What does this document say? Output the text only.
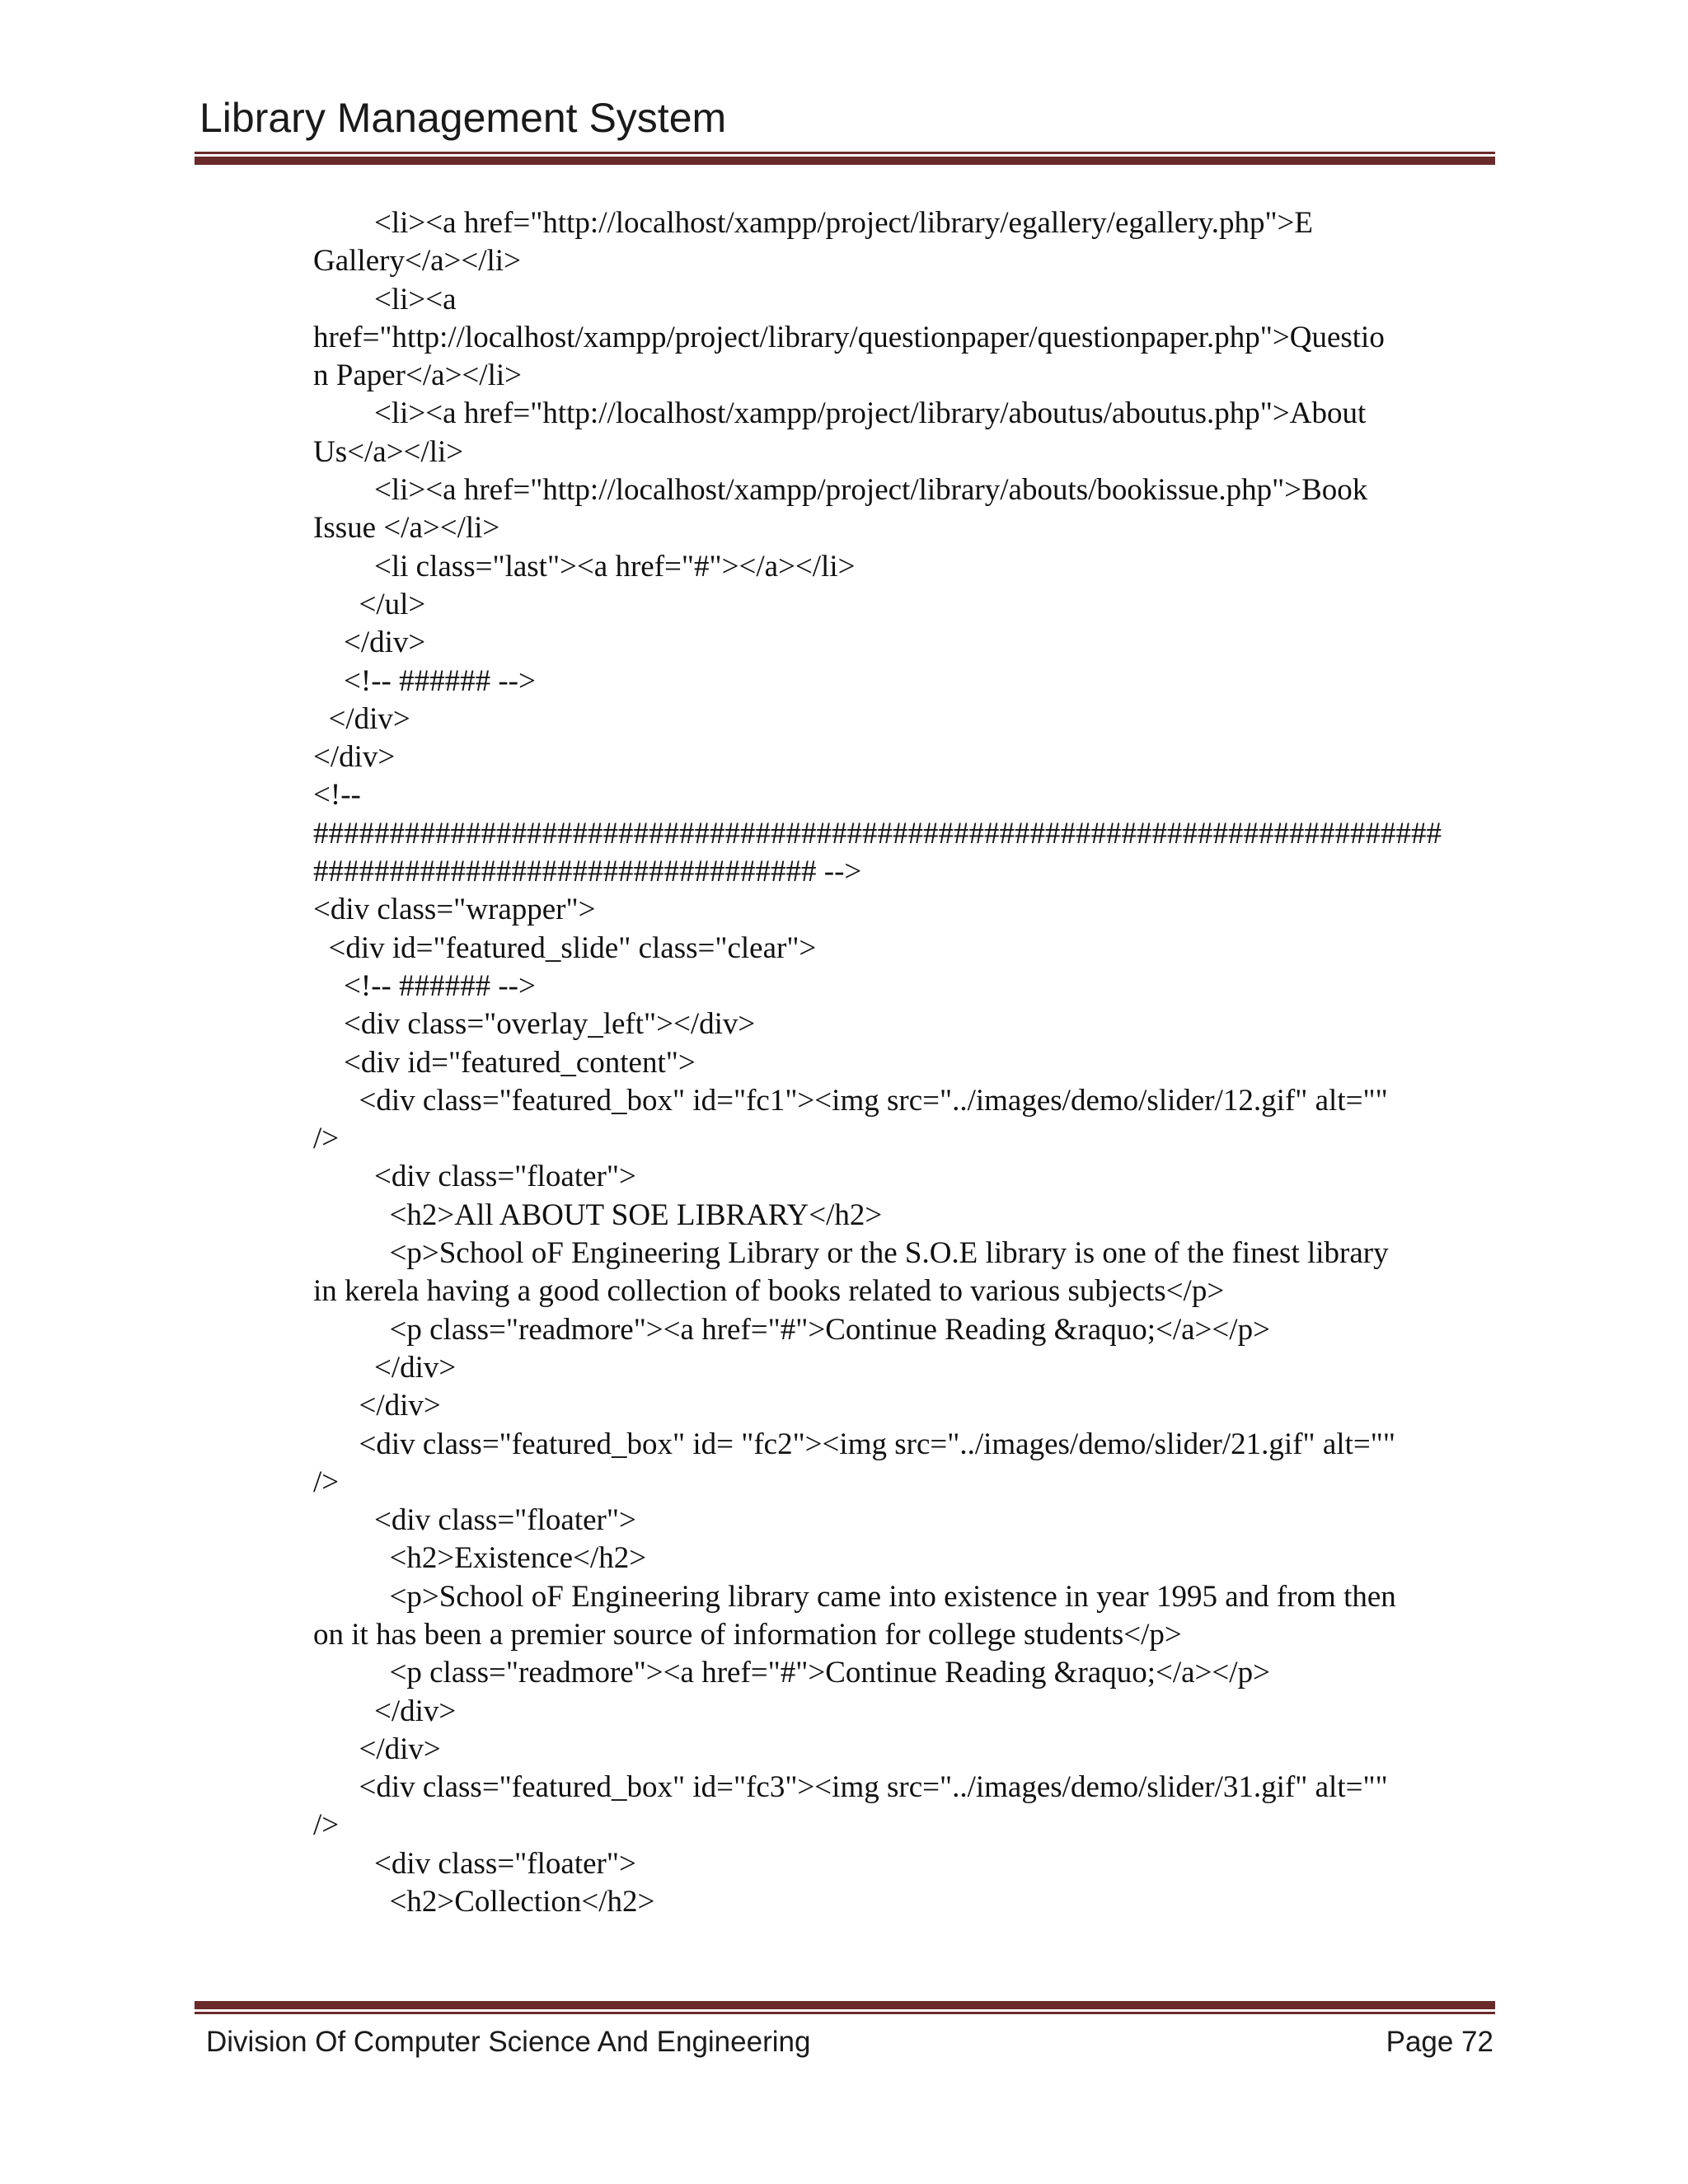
Library Management System
<li><a href="http://localhost/xampp/project/library/egallery/egallery.php">E
Gallery</a></li>
<li><a
href="http://localhost/xampp/project/library/questionpaper/questionpaper.php">Questio
n Paper</a></li>
<li><a href="http://localhost/xampp/project/library/aboutus/aboutus.php">About
Us</a></li>
<li><a href="http://localhost/xampp/project/library/abouts/bookissue.php">Book
Issue </a></li>
<li class="last"><a href="#"></a></li>
</ul>
</div>
<!-- ###### -->
</div>
</div>
<!--
##########################################################################
################################# -->
<div class="wrapper">
<div id="featured_slide" class="clear">
<!-- ###### -->
<div class="overlay_left"></div>
<div id="featured_content">
<div class="featured_box" id="fc1"><img src="../images/demo/slider/12.gif" alt=""
/>
<div class="floater">
<h2>All ABOUT SOE LIBRARY</h2>
<p>School oF Engineering Library or the S.O.E library is one of the finest library
in kerela having a good collection of books related to various subjects</p>
<p class="readmore"><a href="#">Continue Reading &raquo;</a></p>
</div>
</div>
<div class="featured_box" id= "fc2"><img src="../images/demo/slider/21.gif" alt=""
/>
<div class="floater">
<h2>Existence</h2>
<p>School oF Engineering library came into existence in year 1995 and from then
on it has been a premier source of information for college students</p>
<p class="readmore"><a href="#">Continue Reading &raquo;</a></p>
</div>
</div>
<div class="featured_box" id="fc3"><img src="../images/demo/slider/31.gif" alt=""
/>
<div class="floater">
<h2>Collection</h2>
Division Of Computer Science And Engineering	Page 72
